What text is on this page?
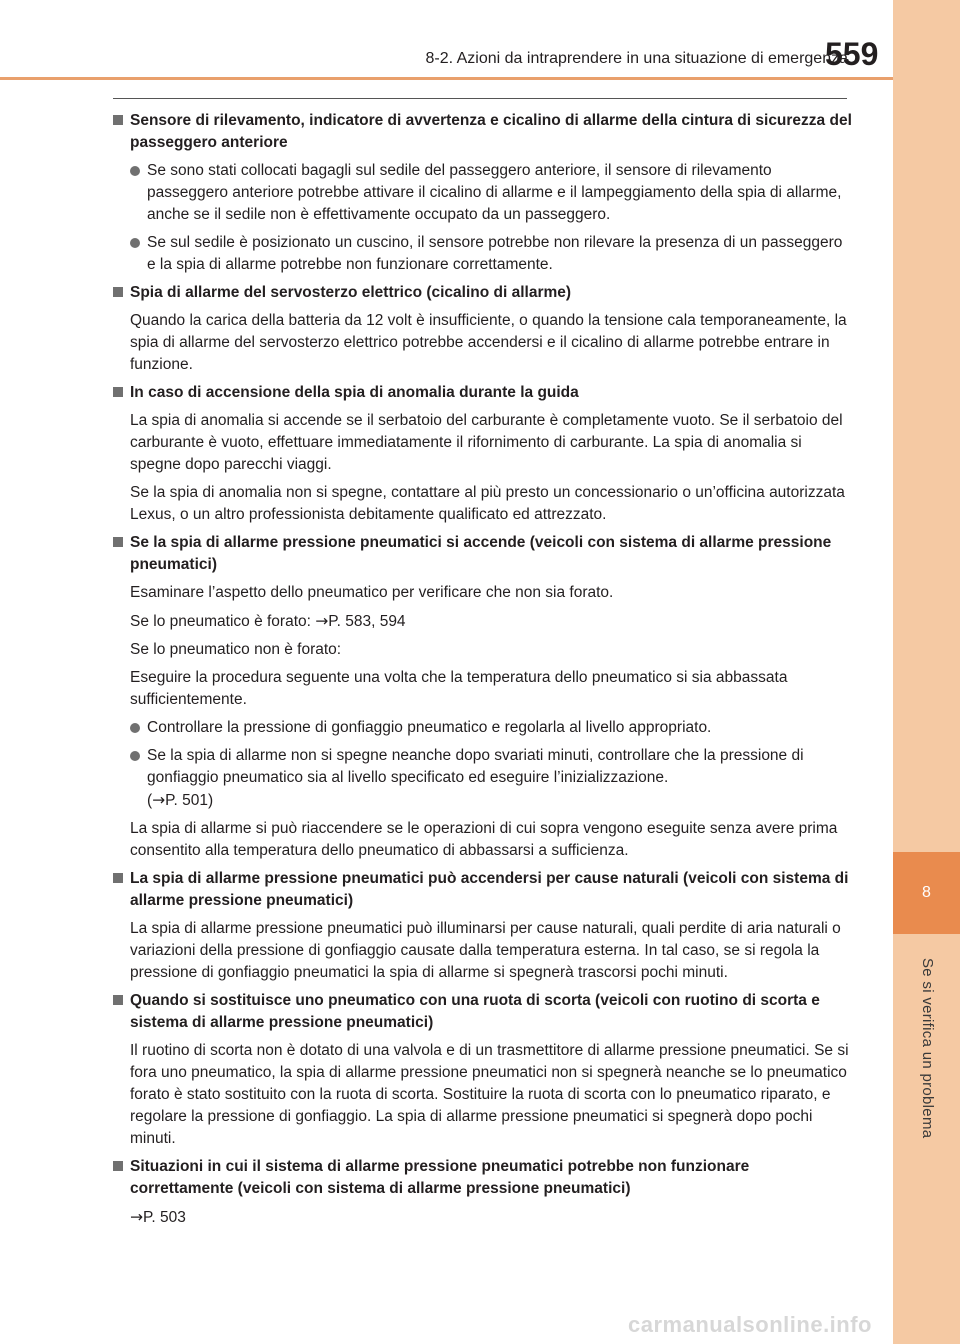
8
Se si verifica un problema
8-2. Azioni da intraprendere in una situazione di emergenza
559
Sensore di rilevamento, indicatore di avvertenza e cicalino di allarme della cintura di sicurezza del passeggero anteriore
Se sono stati collocati bagagli sul sedile del passeggero anteriore, il sensore di rilevamento passeggero anteriore potrebbe attivare il cicalino di allarme e il lampeggiamento della spia di allarme, anche se il sedile non è effettivamente occupato da un passeggero.
Se sul sedile è posizionato un cuscino, il sensore potrebbe non rilevare la presenza di un passeggero e la spia di allarme potrebbe non funzionare correttamente.
Spia di allarme del servosterzo elettrico (cicalino di allarme)

Quando la carica della batteria da 12 volt è insufficiente, o quando la tensione cala temporaneamente, la spia di allarme del servosterzo elettrico potrebbe accendersi e il cicalino di allarme potrebbe entrare in funzione.

In caso di accensione della spia di anomalia durante la guida

La spia di anomalia si accende se il serbatoio del carburante è completamente vuoto. Se il serbatoio del carburante è vuoto, effettuare immediatamente il rifornimento di carburante. La spia di anomalia si spegne dopo parecchi viaggi.

Se la spia di anomalia non si spegne, contattare al più presto un concessionario o un’officina autorizzata Lexus, o un altro professionista debitamente qualificato ed attrezzato.

Se la spia di allarme pressione pneumatici si accende (veicoli con sistema di allarme pressione pneumatici)

Esaminare l’aspetto dello pneumatico per verificare che non sia forato.

Se lo pneumatico è forato: →P. 583, 594

Se lo pneumatico non è forato:

Eseguire la procedura seguente una volta che la temperatura dello pneumatico si sia abbassata sufficientemente.

Controllare la pressione di gonfiaggio pneumatico e regolarla al livello appropriato.
Se la spia di allarme non si spegne neanche dopo svariati minuti, controllare che la pressione di gonfiaggio pneumatico sia al livello specificato ed eseguire l’inizializzazione.
(→P. 501)

La spia di allarme si può riaccendere se le operazioni di cui sopra vengono eseguite senza avere prima consentito alla temperatura dello pneumatico di abbassarsi a sufficienza.

La spia di allarme pressione pneumatici può accendersi per cause naturali (veicoli con sistema di allarme pressione pneumatici)

La spia di allarme pressione pneumatici può illuminarsi per cause naturali, quali perdite di aria naturali o variazioni della pressione di gonfiaggio causate dalla temperatura esterna. In tal caso, se si regola la pressione di gonfiaggio pneumatici la spia di allarme si spegnerà trascorsi pochi minuti.

Quando si sostituisce uno pneumatico con una ruota di scorta (veicoli con ruotino di scorta e sistema di allarme pressione pneumatici)

Il ruotino di scorta non è dotato di una valvola e di un trasmettitore di allarme pressione pneumatici. Se si fora uno pneumatico, la spia di allarme pressione pneumatici non si spegnerà neanche se lo pneumatico forato è stato sostituito con la ruota di scorta. Sostituire la ruota di scorta con lo pneumatico riparato, e regolare la pressione di gonfiaggio. La spia di allarme pressione pneumatici si spegnerà dopo pochi minuti.

Situazioni in cui il sistema di allarme pressione pneumatici potrebbe non funzionare correttamente (veicoli con sistema di allarme pressione pneumatici)

→P. 503

carmanualsonline.info
